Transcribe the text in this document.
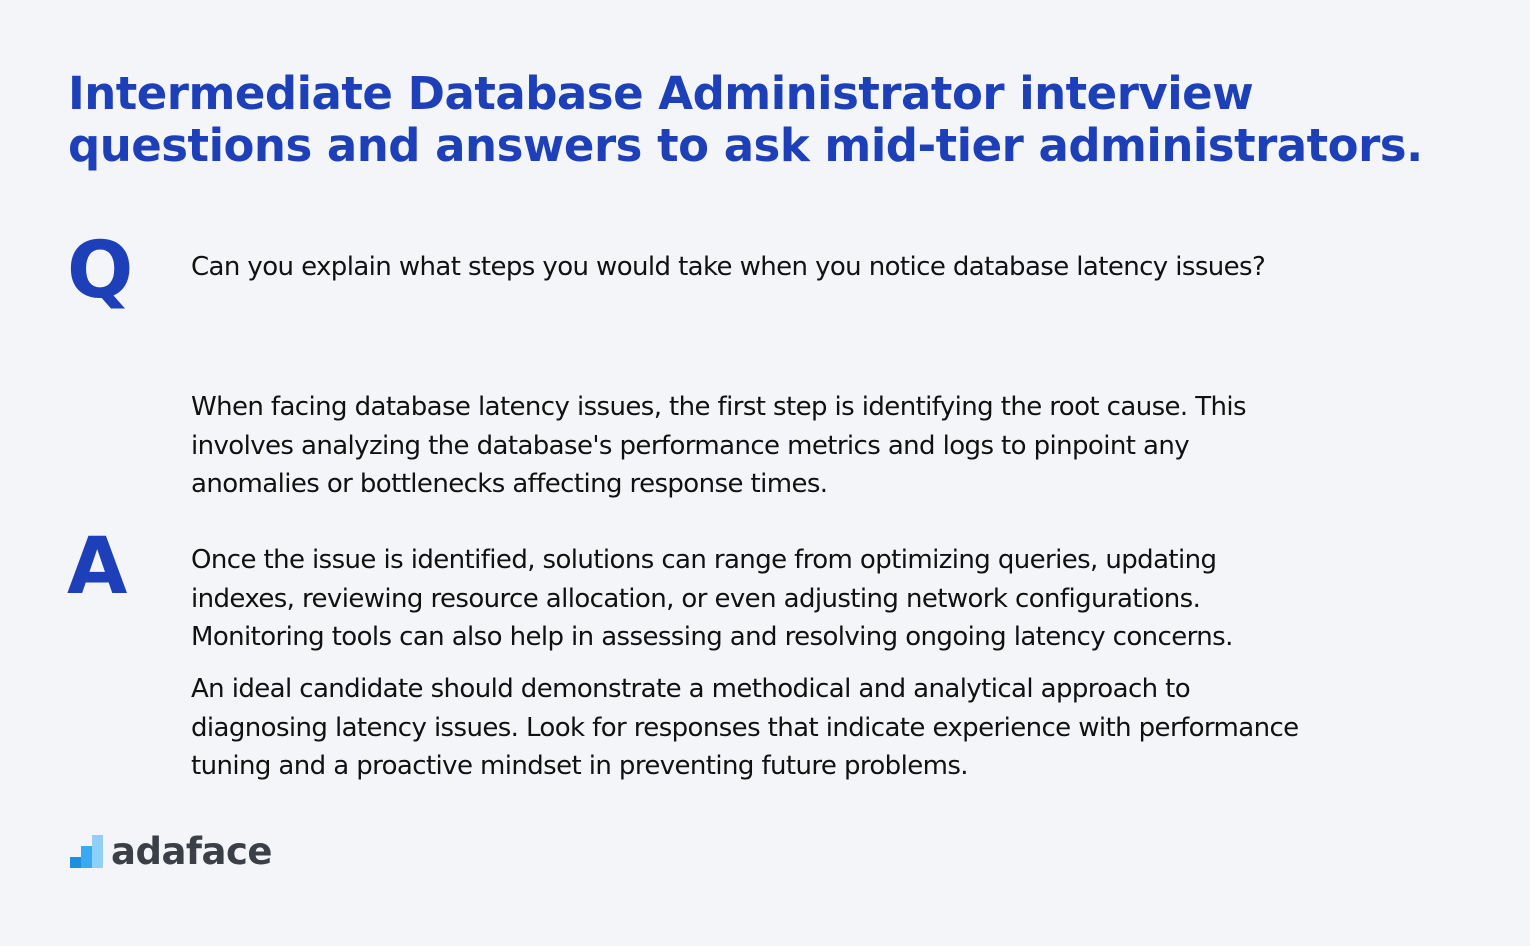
Intermediate Database Administrator interview
questions and answers to ask mid-tier administrators.
Q Can you explain what steps you would take when you notice database latency issues?

A

When facing database latency issues, the first step is identifying the root cause. This
involves analyzing the database's performance metrics and logs to pinpoint any
anomalies or bottlenecks affecting response times.

Once the issue is identified, solutions can range from optimizing queries, updating
indexes, reviewing resource allocation, or even adjusting network configurations.
Monitoring tools can also help in assessing and resolving ongoing latency concerns.

An ideal candidate should demonstrate a methodical and analytical approach to
diagnosing latency issues. Look for responses that indicate experience with performance
tuning and a proactive mindset in preventing future problems.

adaface
